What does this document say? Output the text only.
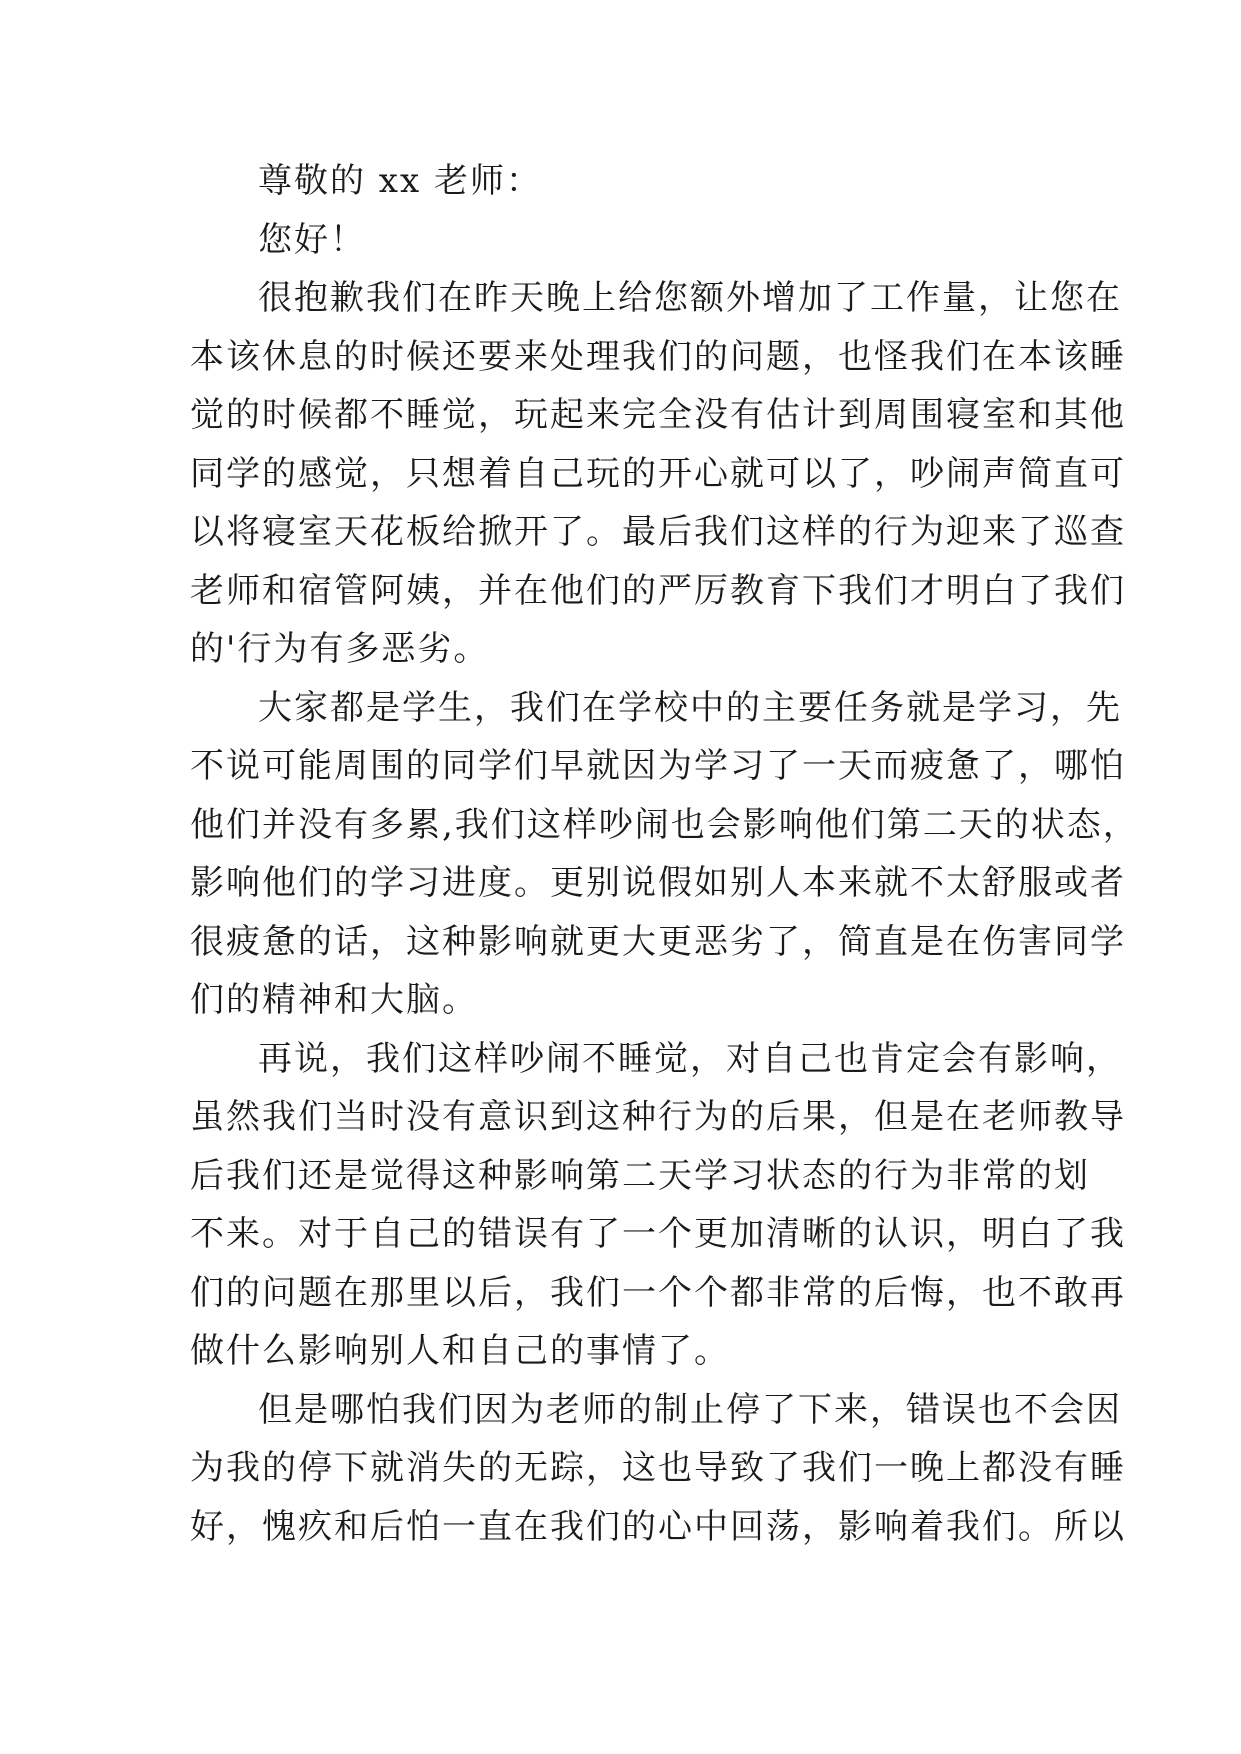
尊敬的 xx 老师：
您好！
很抱歉我们在昨天晚上给您额外增加了工作量，让您在
本该休息的时候还要来处理我们的问题，也怪我们在本该睡
觉的时候都不睡觉，玩起来完全没有估计到周围寝室和其他
同学的感觉，只想着自己玩的开心就可以了，吵闹声简直可
以将寝室天花板给掀开了。最后我们这样的行为迎来了巡查
老师和宿管阿姨，并在他们的严厉教育下我们才明白了我们
的'行为有多恶劣。
大家都是学生，我们在学校中的主要任务就是学习，先
不说可能周围的同学们早就因为学习了一天而疲惫了，哪怕
他们并没有多累,我们这样吵闹也会影响他们第二天的状态，
影响他们的学习进度。更别说假如别人本来就不太舒服或者
很疲惫的话，这种影响就更大更恶劣了，简直是在伤害同学
们的精神和大脑。
再说，我们这样吵闹不睡觉，对自己也肯定会有影响，
虽然我们当时没有意识到这种行为的后果，但是在老师教导
后我们还是觉得这种影响第二天学习状态的行为非常的划
不来。对于自己的错误有了一个更加清晰的认识，明白了我
们的问题在那里以后，我们一个个都非常的后悔，也不敢再
做什么影响别人和自己的事情了。
但是哪怕我们因为老师的制止停了下来，错误也不会因
为我的停下就消失的无踪，这也导致了我们一晚上都没有睡
好，愧疚和后怕一直在我们的心中回荡，影响着我们。所以
